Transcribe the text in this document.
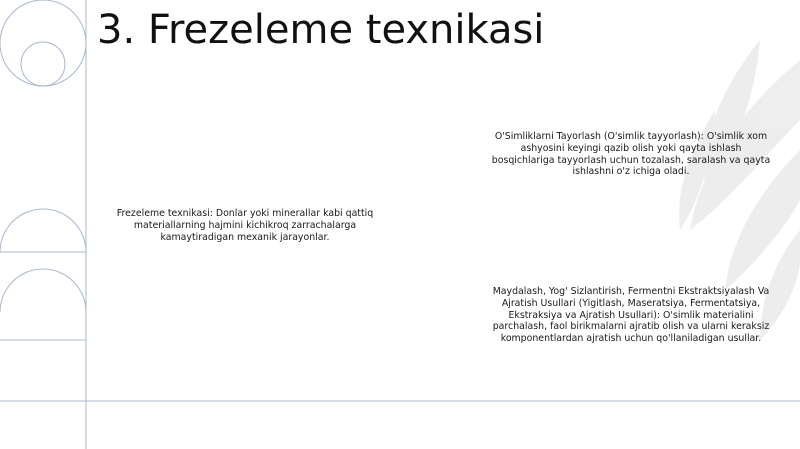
3. Frezeleme texnikasi
Frezeleme texnikasi: Donlar yoki minerallar kabi qattiq materiallarning hajmini kichikroq zarrachalarga kamaytiradigan mexanik jarayonlar.
O'Simliklarni Tayorlash (O'simlik tayyorlash): O'simlik xom ashyosini keyingi qazib olish yoki qayta ishlash bosqichlariga tayyorlash uchun tozalash, saralash va qayta ishlashni o'z ichiga oladi.
Maydalash, Yog' Sizlantirish, Fermentni Ekstraktsiyalash Va Ajratish Usullari (Yigitlash, Maseratsiya, Fermentatsiya, Ekstraksiya va Ajratish Usullari): O'simlik materialini parchalash, faol birikmalarni ajratib olish va ularni keraksiz komponentlardan ajratish uchun qo'llaniladigan usullar.
